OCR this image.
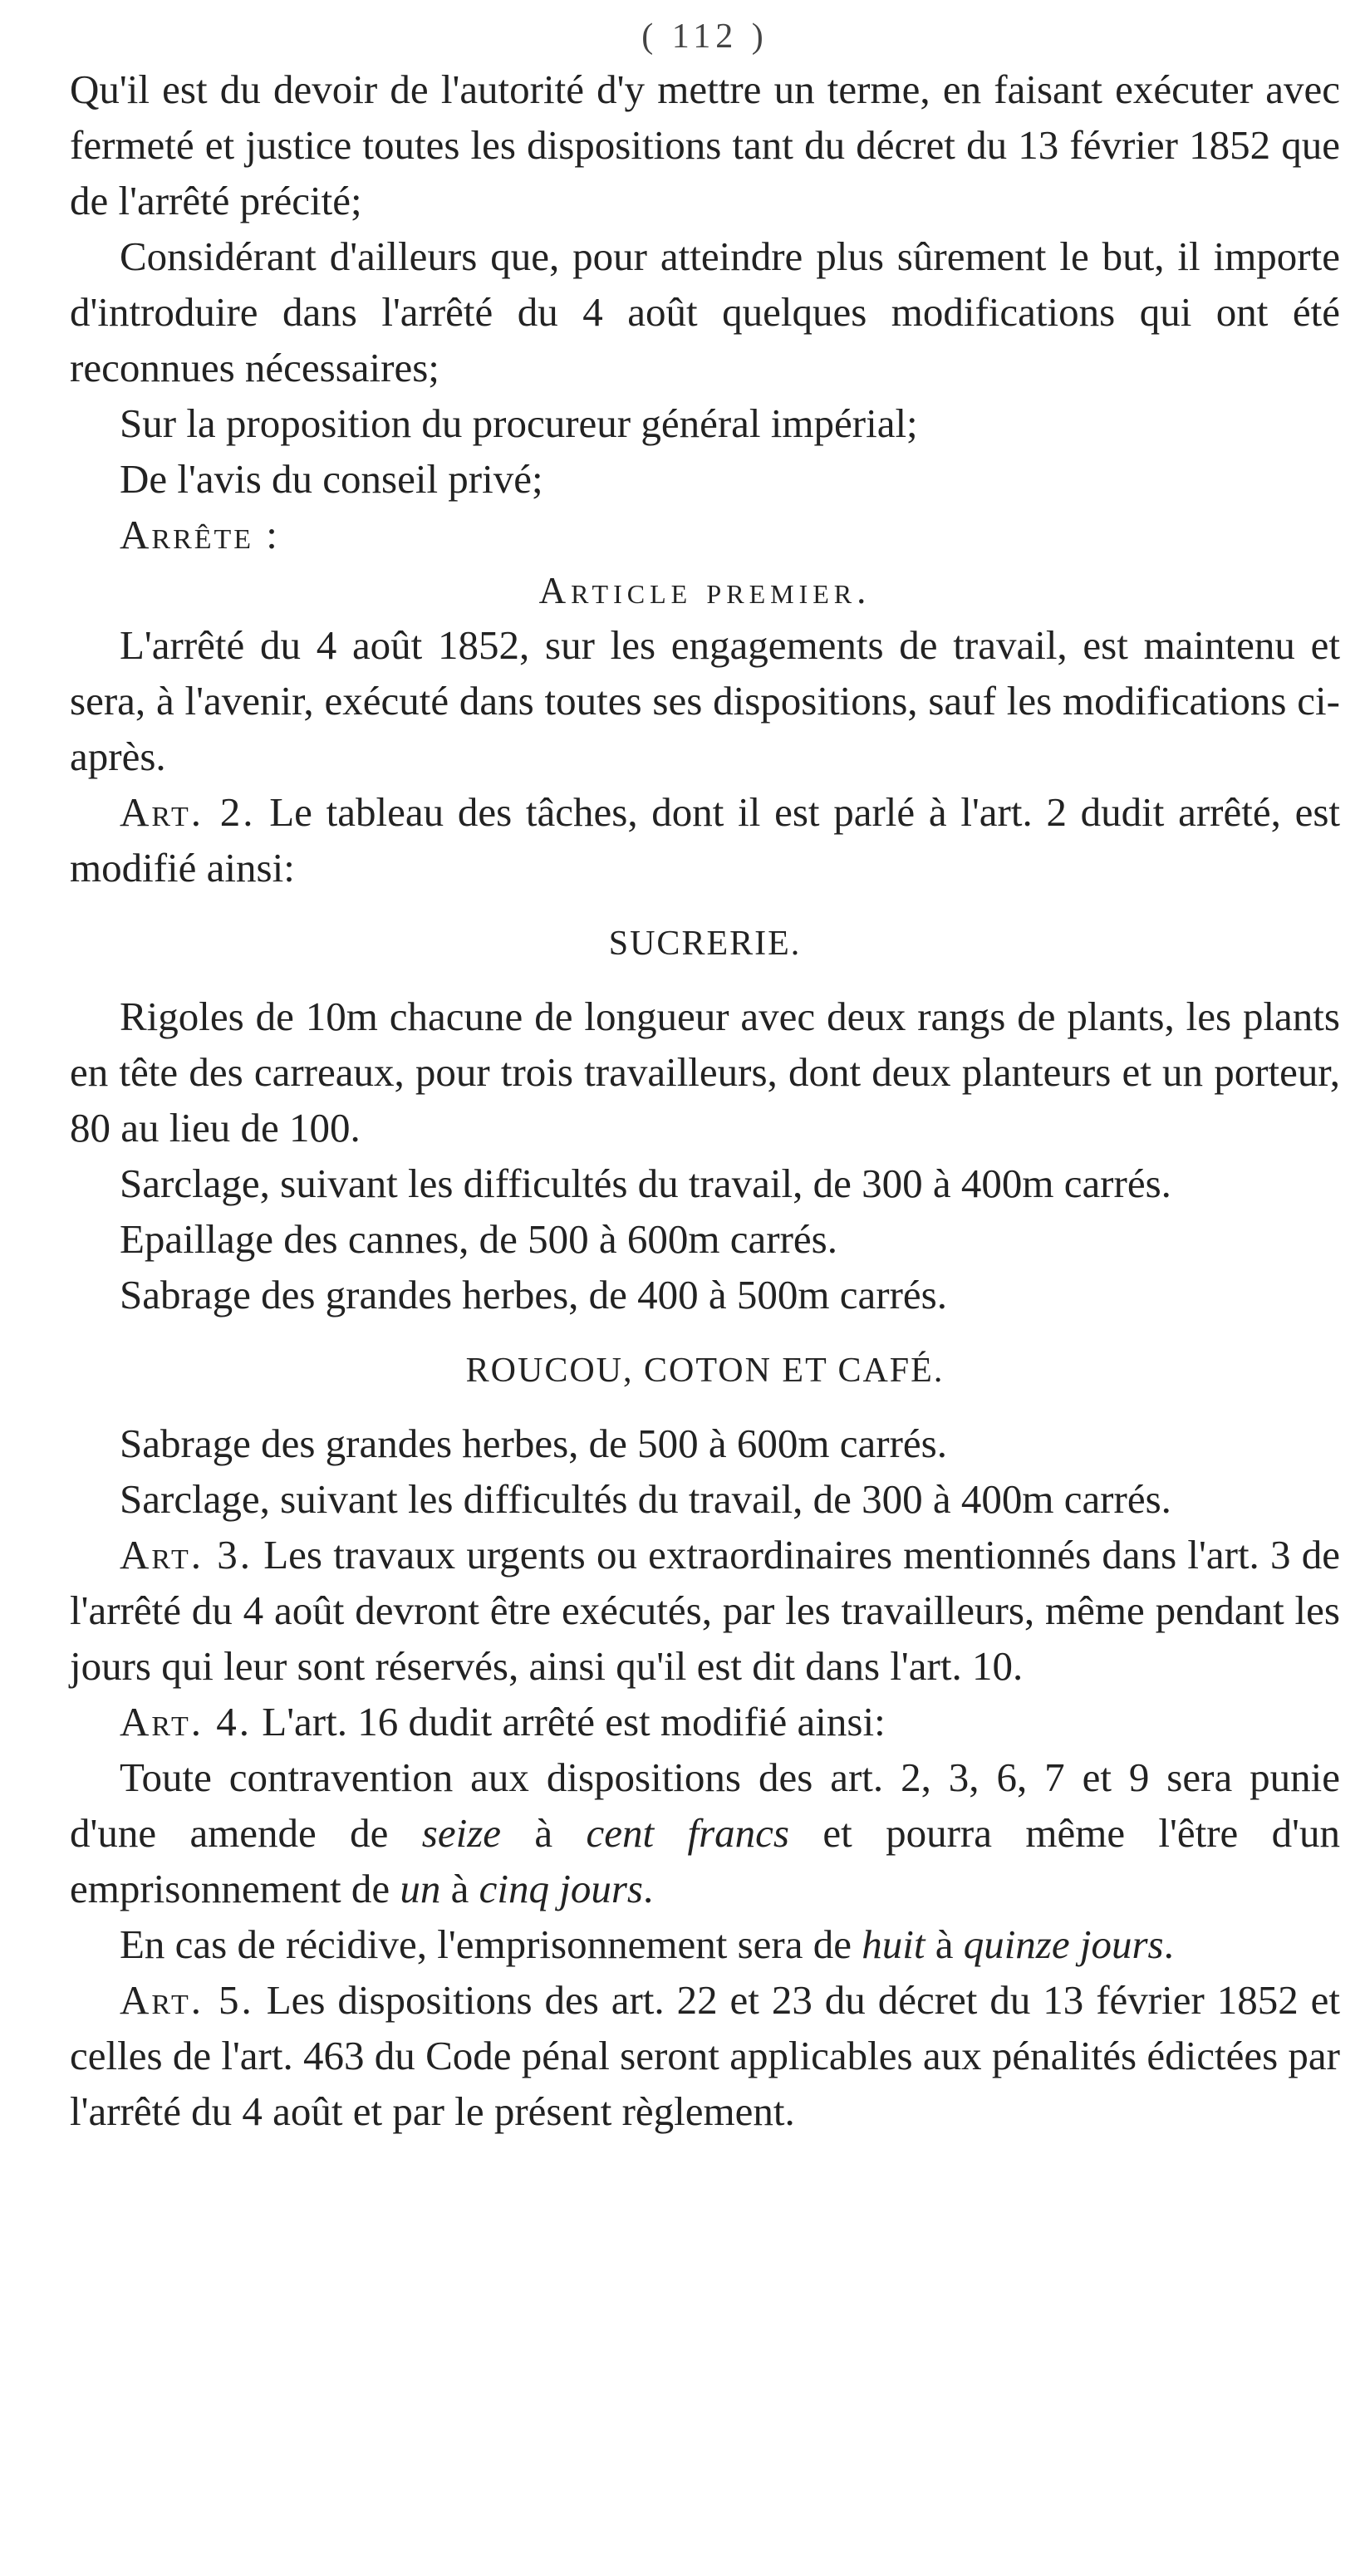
( 112 )

Qu'il est du devoir de l'autorité d'y mettre un terme, en faisant exécuter avec fermeté et justice toutes les dispositions tant du décret du 13 février 1852 que de l'arrêté précité;

Considérant d'ailleurs que, pour atteindre plus sûrement le but, il importe d'introduire dans l'arrêté du 4 août quelques modifications qui ont été reconnues nécessaires;

Sur la proposition du procureur général impérial;

De l'avis du conseil privé;

Arrête :

Article premier.

L'arrêté du 4 août 1852, sur les engagements de travail, est maintenu et sera, à l'avenir, exécuté dans toutes ses dispositions, sauf les modifications ci-après.

Art. 2. Le tableau des tâches, dont il est parlé à l'art. 2 dudit arrêté, est modifié ainsi:

SUCRERIE.

Rigoles de 10m chacune de longueur avec deux rangs de plants, les plants en tête des carreaux, pour trois travailleurs, dont deux planteurs et un porteur, 80 au lieu de 100.

Sarclage, suivant les difficultés du travail, de 300 à 400m carrés.

Epaillage des cannes, de 500 à 600m carrés.

Sabrage des grandes herbes, de 400 à 500m carrés.

ROUCOU, COTON ET CAFÉ.

Sabrage des grandes herbes, de 500 à 600m carrés.

Sarclage, suivant les difficultés du travail, de 300 à 400m carrés.

Art. 3. Les travaux urgents ou extraordinaires mentionnés dans l'art. 3 de l'arrêté du 4 août devront être exécutés, par les travailleurs, même pendant les jours qui leur sont réservés, ainsi qu'il est dit dans l'art. 10.

Art. 4. L'art. 16 dudit arrêté est modifié ainsi:

Toute contravention aux dispositions des art. 2, 3, 6, 7 et 9 sera punie d'une amende de seize à cent francs et pourra même l'être d'un emprisonnement de un à cinq jours.

En cas de récidive, l'emprisonnement sera de huit à quinze jours.

Art. 5. Les dispositions des art. 22 et 23 du décret du 13 février 1852 et celles de l'art. 463 du Code pénal seront applicables aux pénalités édictées par l'arrêté du 4 août et par le présent règlement.
